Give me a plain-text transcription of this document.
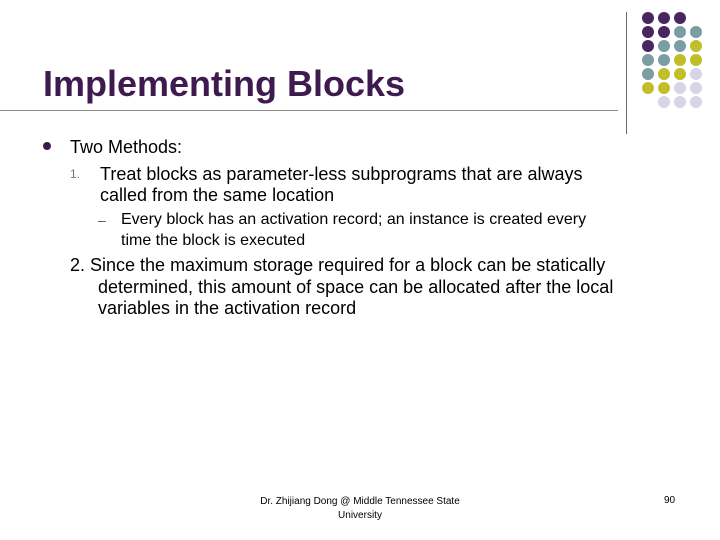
Implementing Blocks
Two Methods:
1. Treat blocks as parameter-less subprograms that are always
called from the same location
– Every block has an activation record; an instance is created every
time the block is executed
2. Since the maximum storage required for a block can be statically
determined, this amount of space can be allocated after the local
variables in the activation record
Dr. Zhijiang Dong @ Middle Tennessee State
University
90
